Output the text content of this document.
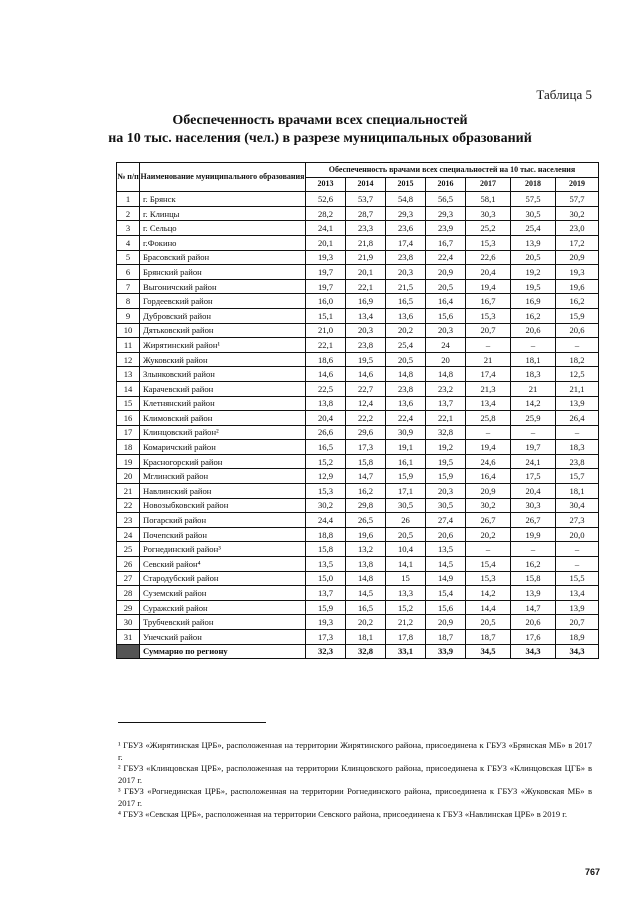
Таблица 5
Обеспеченность врачами всех специальностей
на 10 тыс. населения (чел.) в разрезе муниципальных образований
№ п/п	Наименование муниципального образования	Обеспеченность врачами всех специальностей на 10 тыс. населения						
		2013	2014	2015	2016	2017	2018	2019
1	г. Брянск	52,6	53,7	54,8	56,5	58,1	57,5	57,7
2	г. Клинцы	28,2	28,7	29,3	29,3	30,3	30,5	30,2
3	г. Сельцо	24,1	23,3	23,6	23,9	25,2	25,4	23,0
4	г.Фокино	20,1	21,8	17,4	16,7	15,3	13,9	17,2
5	Брасовский район	19,3	21,9	23,8	22,4	22,6	20,5	20,9
6	Брянский район	19,7	20,1	20,3	20,9	20,4	19,2	19,3
7	Выгоничский район	19,7	22,1	21,5	20,5	19,4	19,5	19,6
8	Гордеевский район	16,0	16,9	16,5	16,4	16,7	16,9	16,2
9	Дубровский район	15,1	13,4	13,6	15,6	15,3	16,2	15,9
10	Дятьковский район	21,0	20,3	20,2	20,3	20,7	20,6	20,6
11	Жирятинский район¹	22,1	23,8	25,4	24	–	–	–
12	Жуковский район	18,6	19,5	20,5	20	21	18,1	18,2
13	Злынковский район	14,6	14,6	14,8	14,8	17,4	18,3	12,5
14	Карачевский район	22,5	22,7	23,8	23,2	21,3	21	21,1
15	Клетнянский район	13,8	12,4	13,6	13,7	13,4	14,2	13,9
16	Климовский район	20,4	22,2	22,4	22,1	25,8	25,9	26,4
17	Клинцовский район²	26,6	29,6	30,9	32,8	–	–	–
18	Комаричский район	16,5	17,3	19,1	19,2	19,4	19,7	18,3
19	Красногорский район	15,2	15,8	16,1	19,5	24,6	24,1	23,8
20	Мглинский район	12,9	14,7	15,9	15,9	16,4	17,5	15,7
21	Навлинский район	15,3	16,2	17,1	20,3	20,9	20,4	18,1
22	Новозыбковский район	30,2	29,8	30,5	30,5	30,2	30,3	30,4
23	Погарский район	24,4	26,5	26	27,4	26,7	26,7	27,3
24	Почепский район	18,8	19,6	20,5	20,6	20,2	19,9	20,0
25	Рогнединский район³	15,8	13,2	10,4	13,5	–	–	–
26	Севский район⁴	13,5	13,8	14,1	14,5	15,4	16,2	–
27	Стародубский район	15,0	14,8	15	14,9	15,3	15,8	15,5
28	Суземский район	13,7	14,5	13,3	15,4	14,2	13,9	13,4
29	Суражский район	15,9	16,5	15,2	15,6	14,4	14,7	13,9
30	Трубчевский район	19,3	20,2	21,2	20,9	20,5	20,6	20,7
31	Унечский район	17,3	18,1	17,8	18,7	18,7	17,6	18,9
	Суммарно по региону	32,3	32,8	33,1	33,9	34,5	34,3	34,3

¹ ГБУЗ «Жирятинская ЦРБ», расположенная на территории Жирятинского района, присоединена к ГБУЗ «Брянская МБ» в 2017 г.

² ГБУЗ «Клинцовская ЦРБ», расположенная на территории Клинцовского района, присоединена к ГБУЗ «Клинцовская ЦГБ» в 2017 г.

³ ГБУЗ «Рогнединская ЦРБ», расположенная на территории Рогнединского района, присоединена к ГБУЗ «Жуковская МБ» в 2017 г.

⁴ ГБУЗ «Севская ЦРБ», расположенная на территории Севского района, присоединена к ГБУЗ «Навлинская ЦРБ» в 2019 г.

767
